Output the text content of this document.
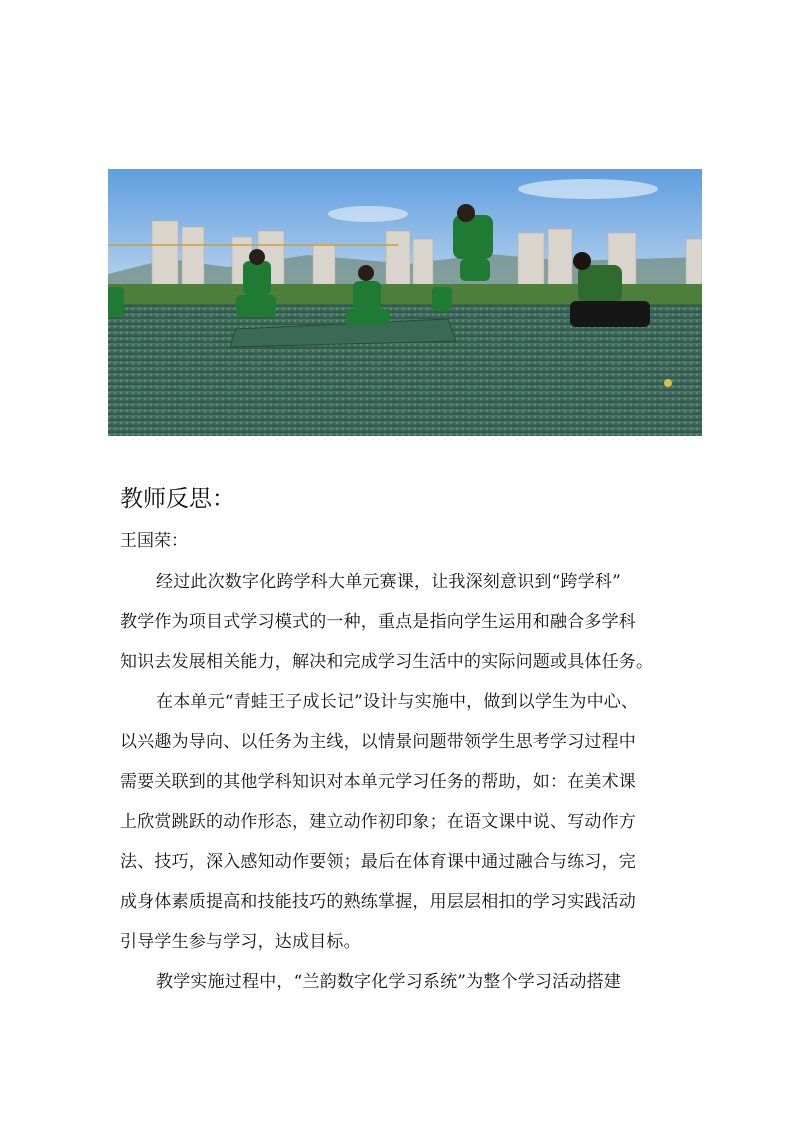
教师反思：
王国荣：
经过此次数字化跨学科大单元赛课，让我深刻意识到“跨学科”
教学作为项目式学习模式的一种，重点是指向学生运用和融合多学科
知识去发展相关能力，解决和完成学习生活中的实际问题或具体任务。
在本单元“青蛙王子成长记”设计与实施中，做到以学生为中心、
以兴趣为导向、以任务为主线，以情景问题带领学生思考学习过程中
需要关联到的其他学科知识对本单元学习任务的帮助，如：在美术课
上欣赏跳跃的动作形态，建立动作初印象；在语文课中说、写动作方
法、技巧，深入感知动作要领；最后在体育课中通过融合与练习，完
成身体素质提高和技能技巧的熟练掌握，用层层相扣的学习实践活动
引导学生参与学习，达成目标。
教学实施过程中，“兰韵数字化学习系统”为整个学习活动搭建
